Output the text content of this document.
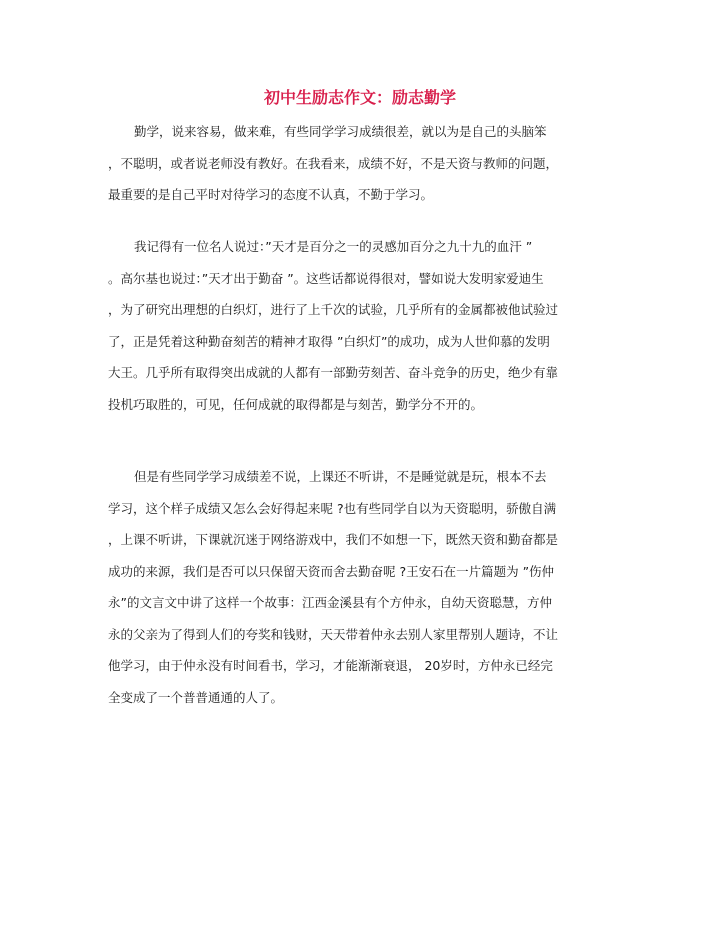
初中生励志作文：励志勤学
勤学，说来容易，做来难，有些同学学习成绩很差，就以为是自己的头脑笨
，不聪明，或者说老师没有教好。在我看来，成绩不好，不是天资与教师的问题，
最重要的是自己平时对待学习的态度不认真，不勤于学习。
我记得有一位名人说过：”天才是百分之一的灵感加百分之九十九的血汗 ”
。高尔基也说过：”天才出于勤奋 ”。这些话都说得很对，譬如说大发明家爱迪生
，为了研究出理想的白织灯，进行了上千次的试验，几乎所有的金属都被他试验过
了，正是凭着这种勤奋刻苦的精神才取得 ”白织灯”的成功，成为人世仰慕的发明
大王。几乎所有取得突出成就的人都有一部勤劳刻苦、奋斗竞争的历史，绝少有靠
投机巧取胜的，可见，任何成就的取得都是与刻苦，勤学分不开的。
但是有些同学学习成绩差不说，上课还不听讲，不是睡觉就是玩，根本不去
学习，这个样子成绩又怎么会好得起来呢 ?也有些同学自以为天资聪明，骄傲自满
，上课不听讲，下课就沉迷于网络游戏中，我们不如想一下，既然天资和勤奋都是
成功的来源，我们是否可以只保留天资而舍去勤奋呢 ?王安石在一片篇题为 ”伤仲
永”的文言文中讲了这样一个故事：江西金溪县有个方仲永，自幼天资聪慧，方仲
永的父亲为了得到人们的夸奖和钱财，天天带着仲永去别人家里帮别人题诗，不让
他学习，由于仲永没有时间看书，学习，才能渐渐衰退， 20岁时，方仲永已经完
全变成了一个普普通通的人了。
